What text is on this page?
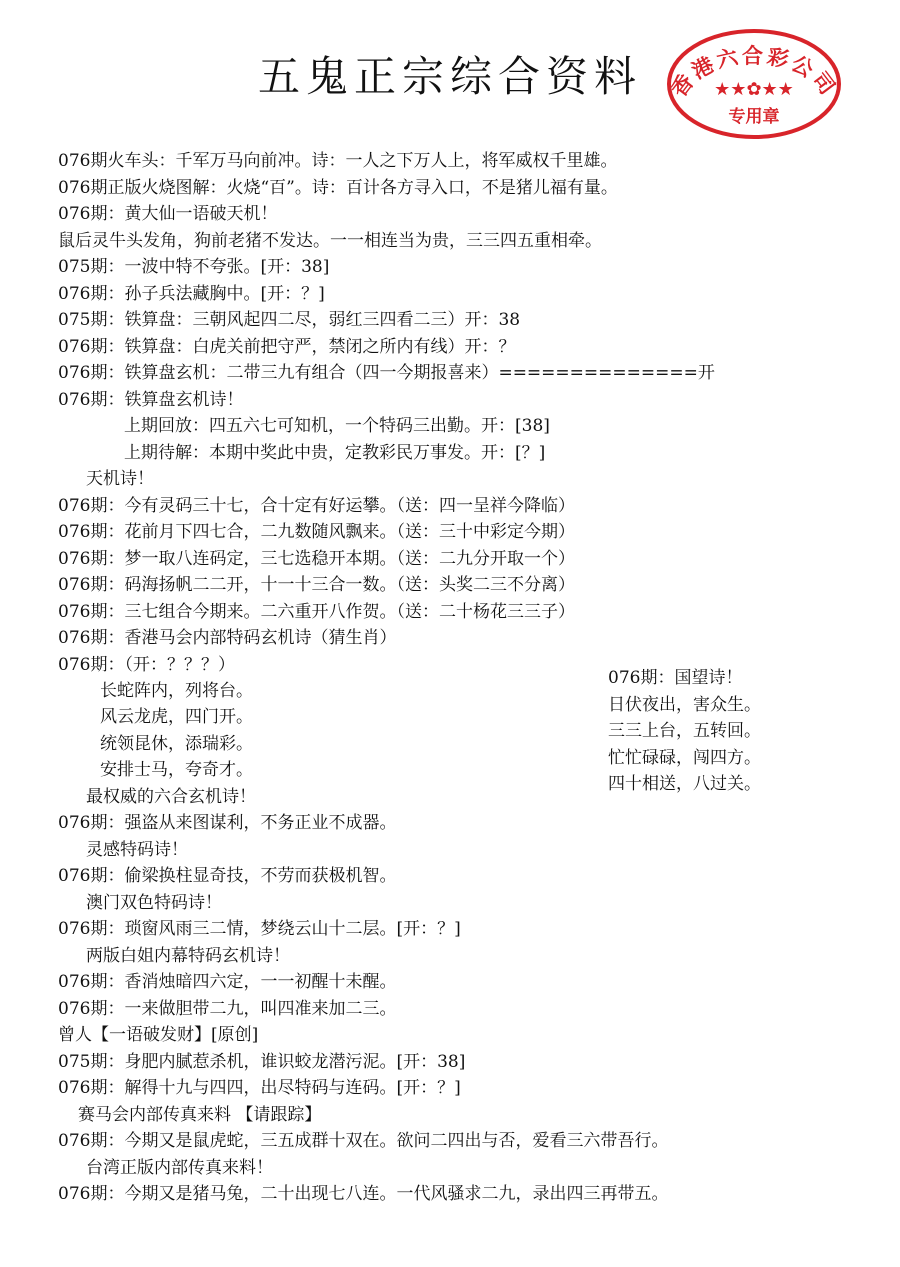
五鬼正宗综合资料	香港六合彩公司
★★✿★★
专用章
076期火车头：千军万马向前冲。诗：一人之下万人上，将军威权千里雄。
076期正版火烧图解：火烧“百”。诗：百计各方寻入口，不是猪儿福有量。
076期：黄大仙一语破天机！
鼠后灵牛头发角，狗前老猪不发达。一一相连当为贵，三三四五重相牵。
075期：一波中特不夸张。[开：38]
076期：孙子兵法藏胸中。[开：？]
075期：铁算盘：三朝风起四二尽，弱红三四看二三）开：38
076期：铁算盘：白虎关前把守严，禁闭之所内有线）开：？
076期：铁算盘玄机：二带三九有组合（四一今期报喜来）==============开
076期：铁算盘玄机诗！
上期回放：四五六七可知机，一个特码三出勤。开：[38]
上期待解：本期中奖此中贵，定教彩民万事发。开：[？]
天机诗！
076期：今有灵码三十七，合十定有好运攀。（送：四一呈祥今降临）
076期：花前月下四七合，二九数随风飘来。（送：三十中彩定今期）
076期：梦一取八连码定，三七选稳开本期。（送：二九分开取一个）
076期：码海扬帆二二开，十一十三合一数。（送：头奖二三不分离）
076期：三七组合今期来。二六重开八作贺。（送：二十杨花三三子）
076期：香港马会内部特码玄机诗（猜生肖）
076期：（开：？？？）
长蛇阵内，列将台。
风云龙虎，四门开。
统领昆休，添瑞彩。
安排士马，夸奇才。
最权威的六合玄机诗！
076期：强盗从来图谋利，不务正业不成器。
灵感特码诗！
076期：偷梁换柱显奇技，不劳而获极机智。
澳门双色特码诗！
076期：琐窗风雨三二情，梦绕云山十二层。[开：？]
两版白姐内幕特码玄机诗！
076期：香消烛暗四六定，一一初醒十未醒。
076期：一来做胆带二九，叫四准来加二三。
曾人【一语破发财】[原创]
075期：身肥内腻惹杀机，谁识蛟龙潜污泥。[开：38]
076期：解得十九与四四，出尽特码与连码。[开：？]
赛马会内部传真来料 【请跟踪】
076期：今期又是鼠虎蛇，三五成群十双在。欲问二四出与否，爱看三六带吾行。
台湾正版内部传真来料！
076期：今期又是猪马兔，二十出现七八连。一代风骚求二九，录出四三再带五。
076期：国望诗！
日伏夜出，害众生。
三三上台，五转回。
忙忙碌碌，闯四方。
四十相送，八过关。
